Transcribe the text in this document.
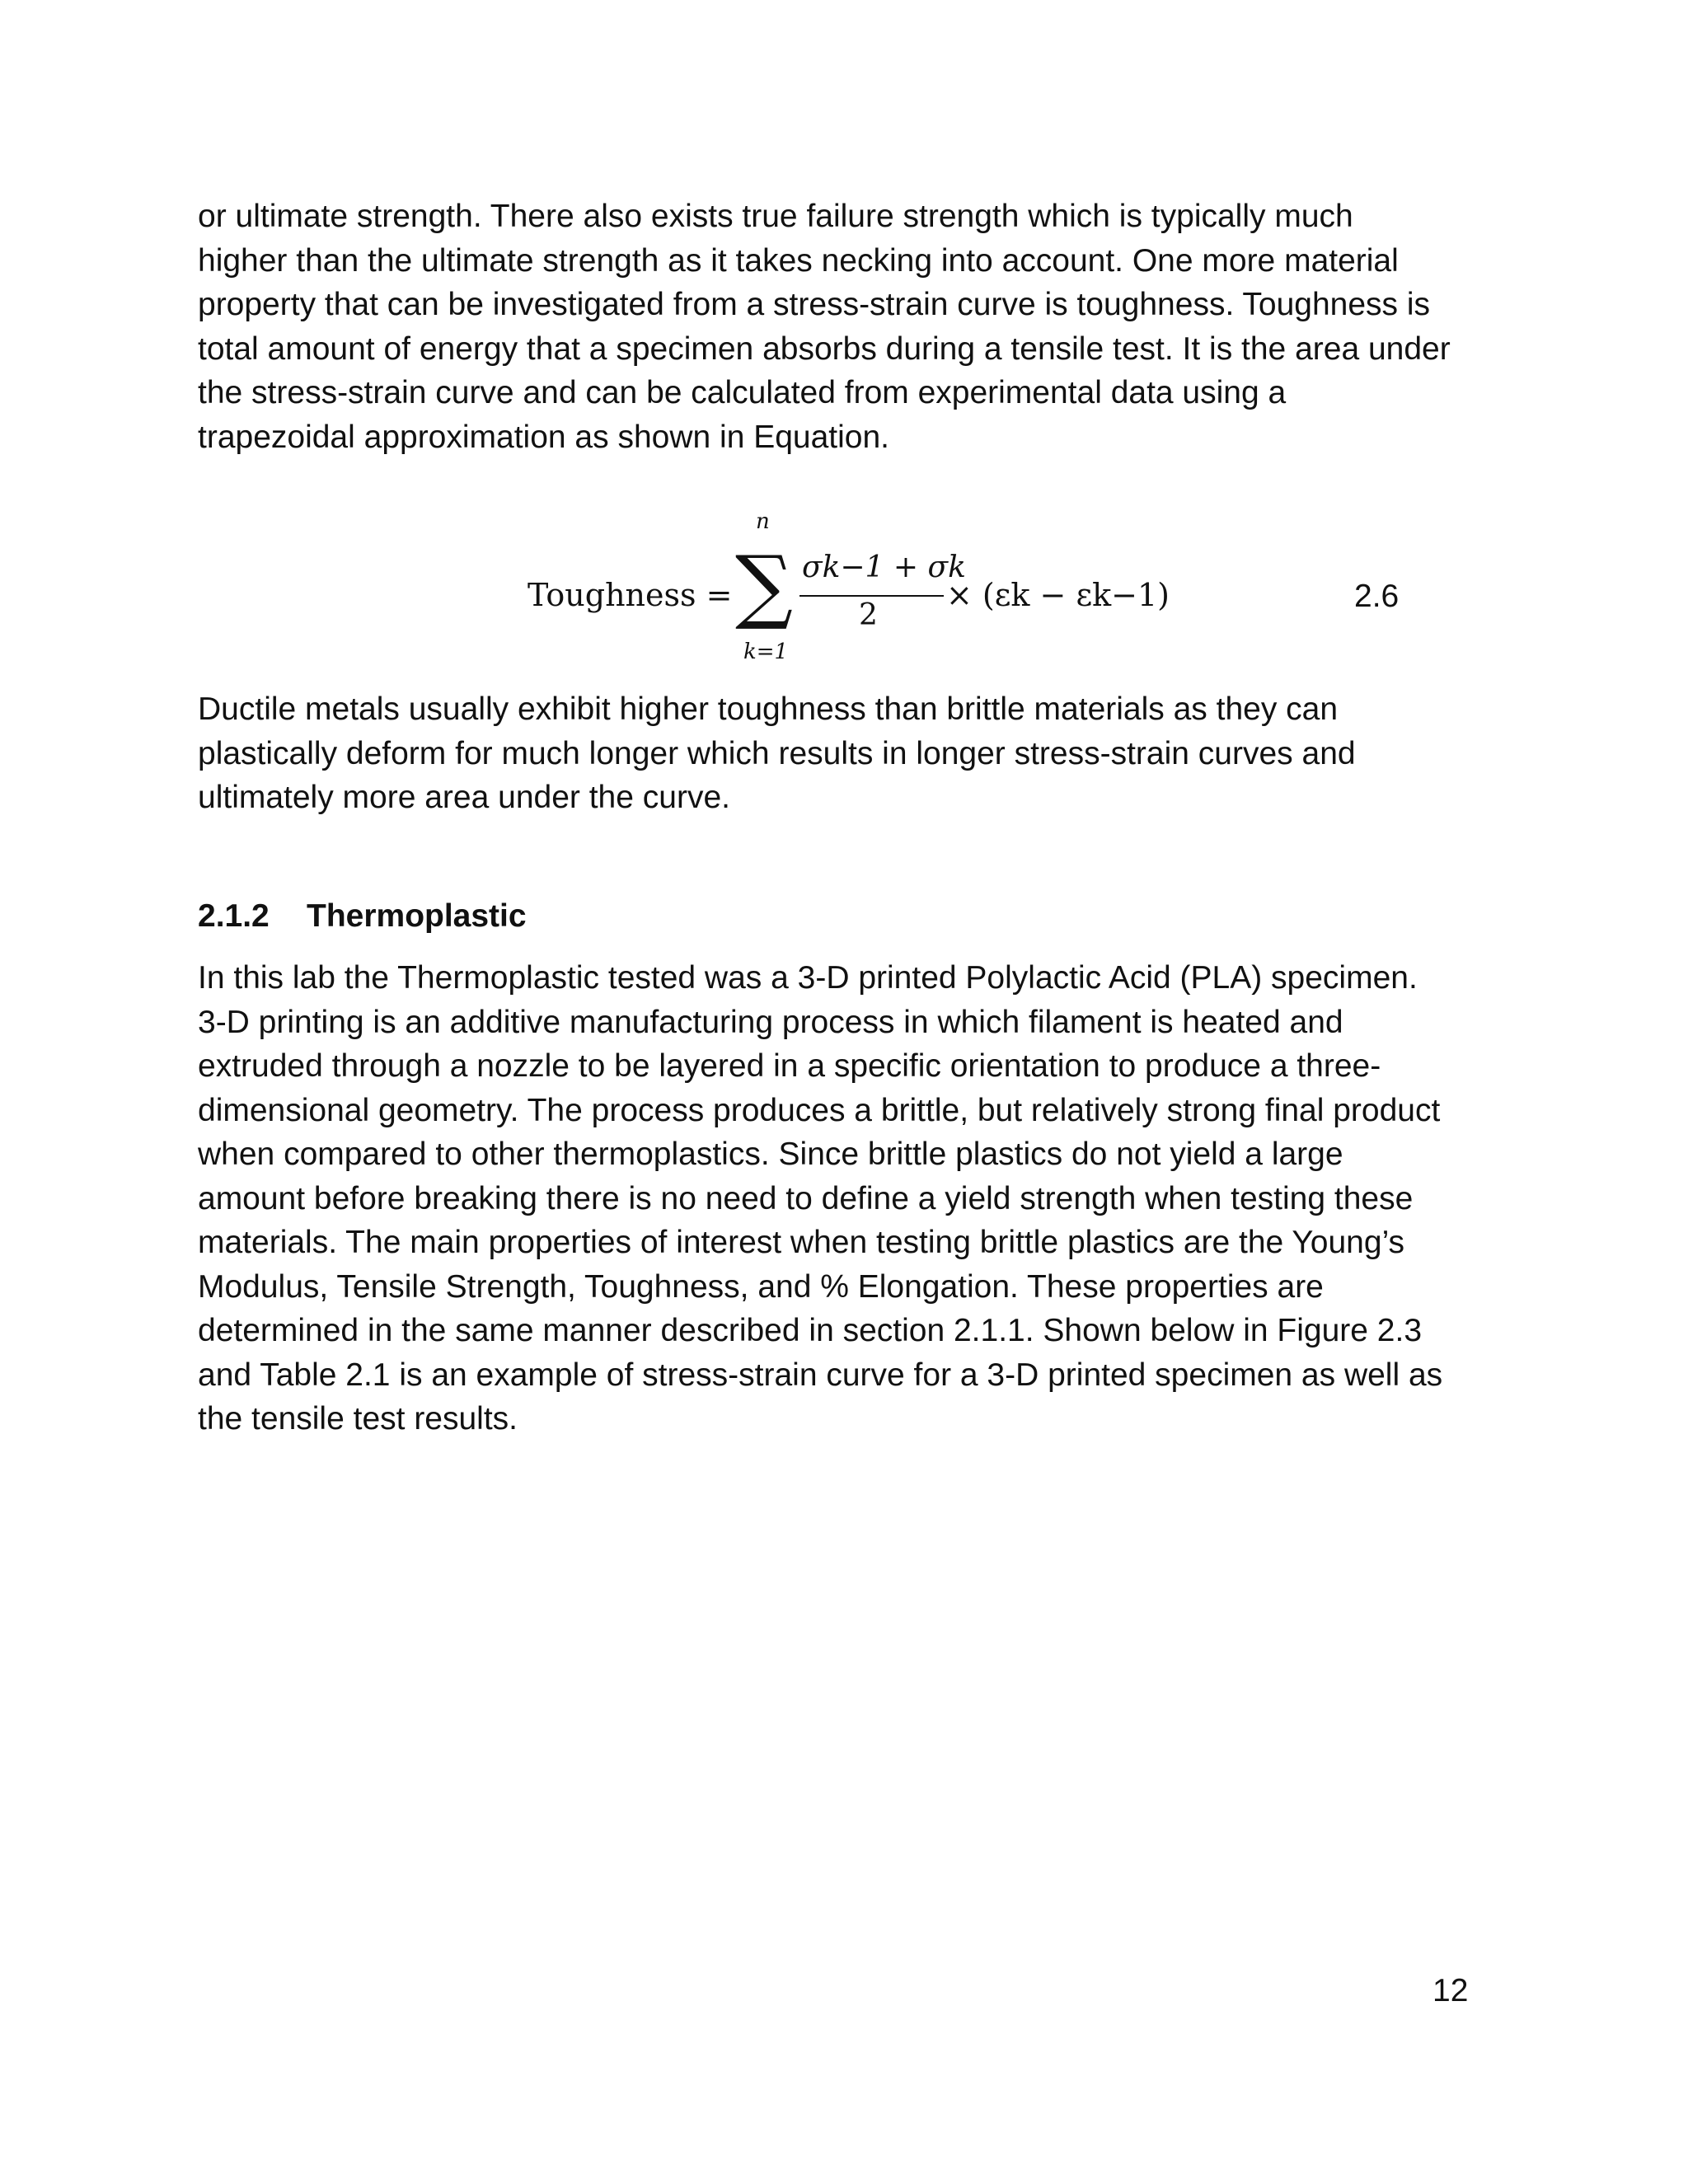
or ultimate strength. There also exists true failure strength which is typically much
higher than the ultimate strength as it takes necking into account. One more material
property that can be investigated from a stress-strain curve is toughness. Toughness is
total amount of energy that a specimen absorbs during a tensile test. It is the area under
the stress-strain curve and can be calculated from experimental data using a
trapezoidal approximation as shown in Equation.

Toughness =
n
∑
k=1
σk−1 + σk
2
× (εk − εk−1)	2.6

Ductile metals usually exhibit higher toughness than brittle materials as they can
plastically deform for much longer which results in longer stress-strain curves and
ultimately more area under the curve.

2.1.2 Thermoplastic

In this lab the Thermoplastic tested was a 3-D printed Polylactic Acid (PLA) specimen.
3-D printing is an additive manufacturing process in which filament is heated and
extruded through a nozzle to be layered in a specific orientation to produce a three-
dimensional geometry. The process produces a brittle, but relatively strong final product
when compared to other thermoplastics. Since brittle plastics do not yield a large
amount before breaking there is no need to define a yield strength when testing these
materials. The main properties of interest when testing brittle plastics are the Young’s
Modulus, Tensile Strength, Toughness, and % Elongation. These properties are
determined in the same manner described in section 2.1.1. Shown below in Figure 2.3
and Table 2.1 is an example of stress-strain curve for a 3-D printed specimen as well as
the tensile test results.

12
